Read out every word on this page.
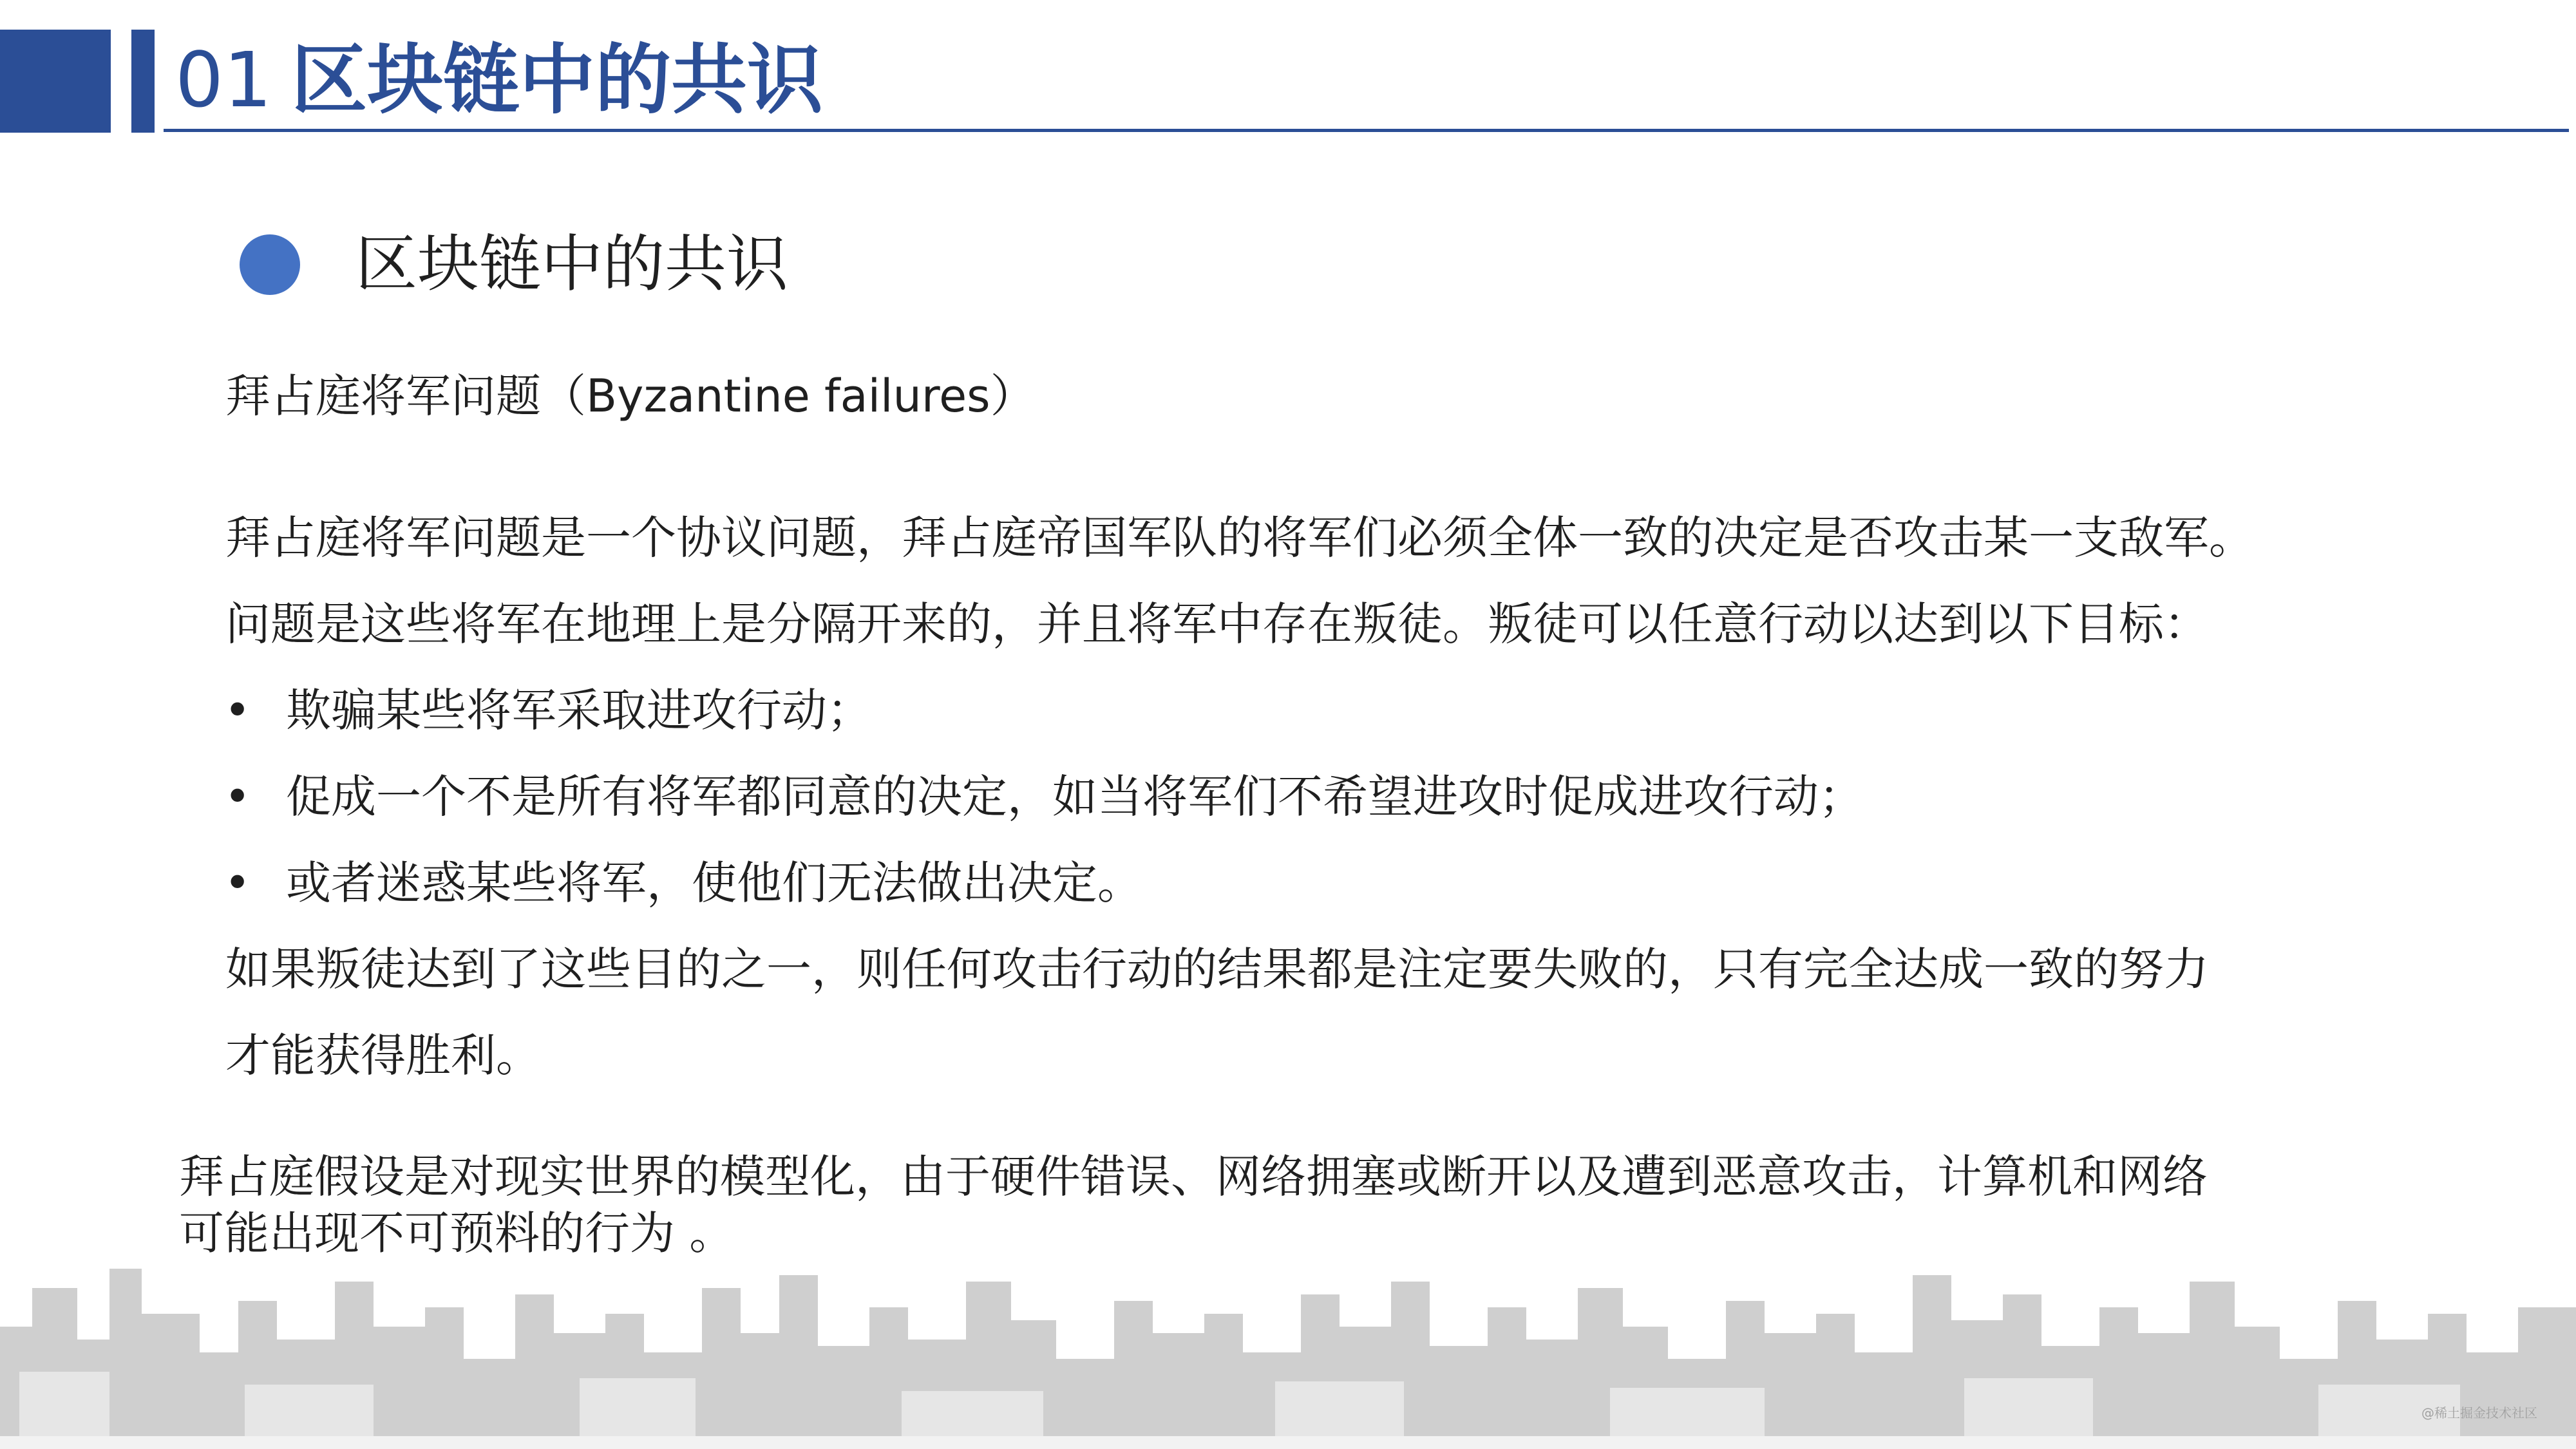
01 区块链中的共识
区块链中的共识
拜占庭将军问题（Byzantine failures）
拜占庭将军问题是一个协议问题，拜占庭帝国军队的将军们必须全体一致的决定是否攻击某一支敌军。
问题是这些将军在地理上是分隔开来的，并且将军中存在叛徒。叛徒可以任意行动以达到以下目标：
• 欺骗某些将军采取进攻行动；
• 促成一个不是所有将军都同意的决定，如当将军们不希望进攻时促成进攻行动；
• 或者迷惑某些将军，使他们无法做出决定。
如果叛徒达到了这些目的之一，则任何攻击行动的结果都是注定要失败的，只有完全达成一致的努力
才能获得胜利。
拜占庭假设是对现实世界的模型化，由于硬件错误、网络拥塞或断开以及遭到恶意攻击，计算机和网络
可能出现不可预料的行为 。
@稀土掘金技术社区
